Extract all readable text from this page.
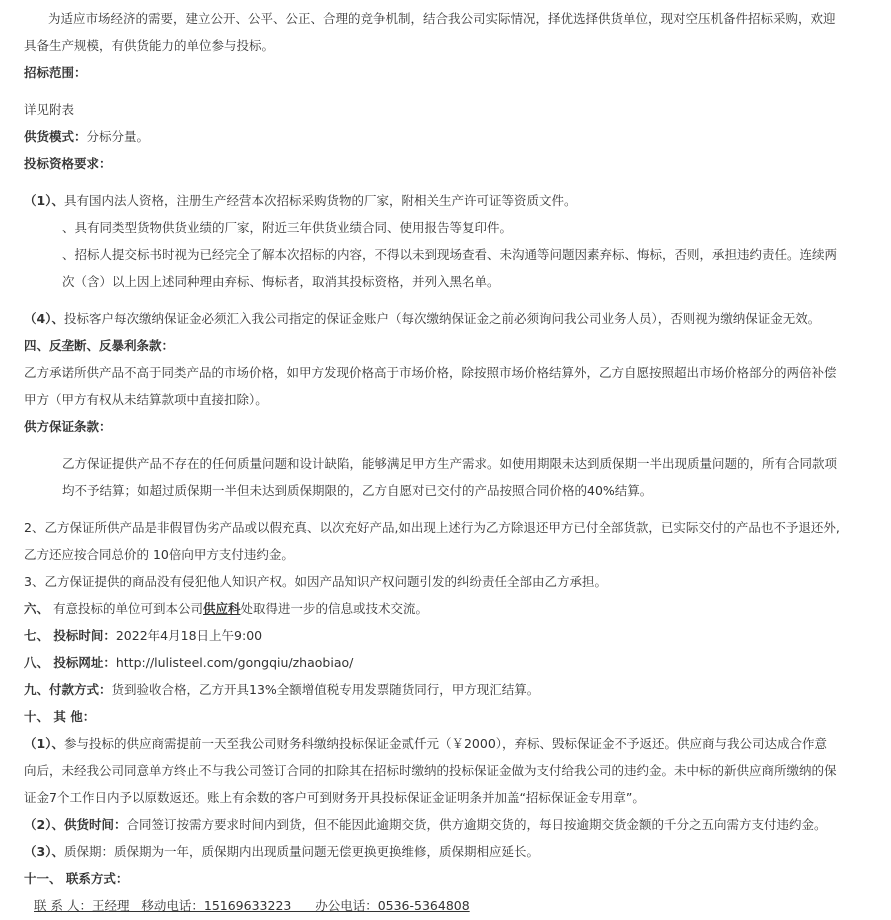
为适应市场经济的需要，建立公开、公平、公正、合理的竞争机制，结合我公司实际情况，择优选择供货单位，现对空压机备件招标采购，欢迎
具备生产规模，有供货能力的单位参与投标。
招标范围：
详见附表
供货模式：分标分量。
投标资格要求：
（1）、具有国内法人资格，注册生产经营本次招标采购货物的厂家，附相关生产许可证等资质文件。
、具有同类型货物供货业绩的厂家，附近三年供货业绩合同、使用报告等复印件。
、招标人提交标书时视为已经完全了解本次招标的内容，不得以未到现场查看、未沟通等问题因素弃标、悔标，否则，承担违约责任。连续两
次（含）以上因上述同种理由弃标、悔标者，取消其投标资格，并列入黑名单。
（4）、投标客户每次缴纳保证金必须汇入我公司指定的保证金账户（每次缴纳保证金之前必须询问我公司业务人员），否则视为缴纳保证金无效。
四、反垄断、反暴利条款：
乙方承诺所供产品不高于同类产品的市场价格，如甲方发现价格高于市场价格，除按照市场价格结算外，乙方自愿按照超出市场价格部分的两倍补偿
甲方（甲方有权从未结算款项中直接扣除）。
供方保证条款：
乙方保证提供产品不存在的任何质量问题和设计缺陷，能够满足甲方生产需求。如使用期限未达到质保期一半出现质量问题的，所有合同款项
均不予结算；如超过质保期一半但未达到质保期限的，乙方自愿对已交付的产品按照合同价格的40%结算。
2、乙方保证所供产品是非假冒伪劣产品或以假充真、以次充好产品,如出现上述行为乙方除退还甲方已付全部货款，已实际交付的产品也不予退还外,
乙方还应按合同总价的 10倍向甲方支付违约金。
3、乙方保证提供的商品没有侵犯他人知识产权。如因产品知识产权问题引发的纠纷责任全部由乙方承担。
六、 有意投标的单位可到本公司供应科处取得进一步的信息或技术交流。
七、 投标时间：2022年4月18日上午9:00
八、 投标网址：http://lulisteel.com/gongqiu/zhaobiao/
九、付款方式：货到验收合格，乙方开具13%全额增值税专用发票随货同行，甲方现汇结算。
十、 其 他：
（1）、参与投标的供应商需提前一天至我公司财务科缴纳投标保证金贰仟元（￥2000），弃标、毁标保证金不予返还。供应商与我公司达成合作意
向后，未经我公司同意单方终止不与我公司签订合同的扣除其在招标时缴纳的投标保证金做为支付给我公司的违约金。未中标的新供应商所缴纳的保
证金7个工作日内予以原数返还。账上有余数的客户可到财务开具投标保证金证明条并加盖“招标保证金专用章”。
（2）、供货时间：合同签订按需方要求时间内到货，但不能因此逾期交货，供方逾期交货的，每日按逾期交货金额的千分之五向需方支付违约金。
（3）、质保期：质保期为一年，质保期内出现质量问题无偿更换更换维修，质保期相应延长。
十一、 联系方式：
联 系 人：王经理   移动电话：15169633223      办公电话：0536-5364808
